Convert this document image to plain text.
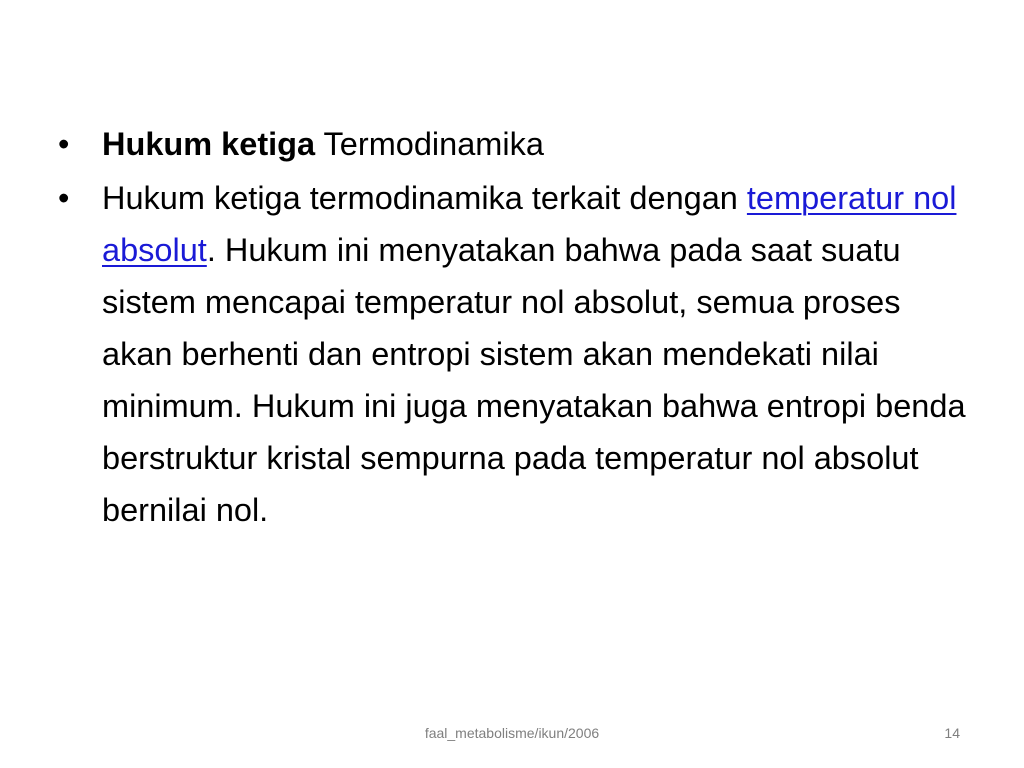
•	Hukum ketiga Termodinamika
•	Hukum ketiga termodinamika terkait dengan temperatur nol absolut. Hukum ini menyatakan bahwa pada saat suatu sistem mencapai temperatur nol absolut, semua proses akan berhenti dan entropi sistem akan mendekati nilai minimum. Hukum ini juga menyatakan bahwa entropi benda berstruktur kristal sempurna pada temperatur nol absolut bernilai nol.
faal_metabolisme/ikun/2006	14
